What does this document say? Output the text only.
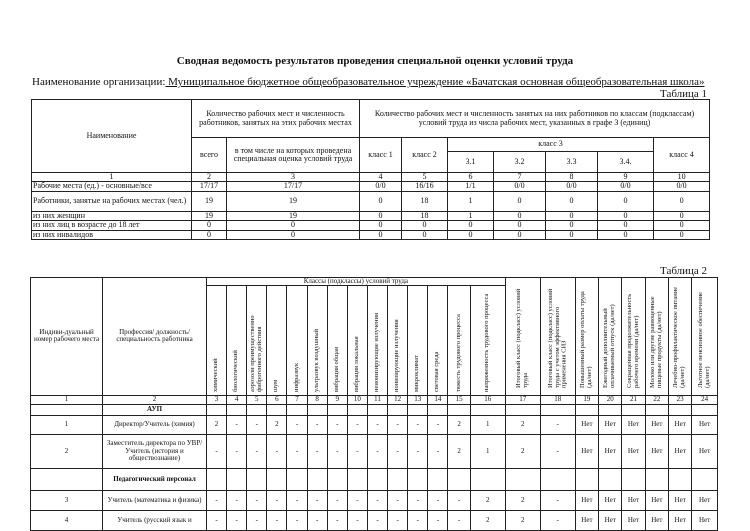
Сводная ведомость результатов проведения специальной оценки условий труда
Наименование организации: Муниципальное бюджетное общеобразовательное учреждение «Бачатская основная общеобразовательная школа»
Таблица 1
Наименование	Количество рабочих мест и численность работников, занятых на этих рабочих местах		Количество рабочих мест и численность занятых на них работников по классам (подклассам) условий труда из числа рабочих мест, указанных в графе 3 (единиц)						
	всего	в том числе на которых проведена специальная оценка условий труда	класс 1	класс 2	класс 3				класс 4
					3.1	3.2	3.3	3.4.	
1	2	3	4	5	6	7	8	9	10
Рабочие места (ед.) - основные/все	17/17	17/17	0/0	16/16	1/1	0/0	0/0	0/0	0/0
Работники, занятые на рабочих местах (чел.)	19	19	0	18	1	0	0	0	0
из них женщин	19	19	0	18	1	0	0	0	0
из них лиц в возрасте до 18 лет	0	0	0	0	0	0	0	0	0
из них инвалидов	0	0	0	0	0	0	0	0	0
Таблица 2
Индиви-дуальный номер рабочего места	Профессия/ должность/ специальность работника	Классы (подклассы) условий труда														Итоговый класс (подкласс) условий труда	Итоговый класс (подкласс) условий труда с учетом эффективного применения СИЗ	Повышенный размер оплаты труда (да/нет)	Ежегодный дополнительный оплачиваемый отпуск (да/нет)	Сокращенная продолжительность рабочего времени (да/нет)	Молоко или другие равноценные пищевые продукты (да/нет)	Лечебно-профилактическое питание (да/нет)	Льготное пенсионное обеспечение (да/нет)
		химический	биологический	аэрозоли преимущественно фиброгенного действия	шум	инфразвук	ультразвук воздушный	вибрация общая	вибрация локальная	неионизирующие излучения	ионизирующие излучения	микроклимат	световая среда	тяжесть трудового процесса	напряженность трудового процесса								
1	2	3	4	5	6	7	8	9	10	11	12	13	14	15	16	17	18	19	20	21	22	23	24
	АУП																						
1	Директор/Учитель (химия)	2	-	-	2	-	-	-	-	-	-	-	-	2	1	2	-	Нет	Нет	Нет	Нет	Нет	Нет
2	Заместитель директора по УВР/Учитель (история и обществознание)	-	-	-	-	-	-	-	-	-	-	-	-	2	1	2	-	Нет	Нет	Нет	Нет	Нет	Нет
	Педагогический персонал																						
3	Учитель (математика и физика)	-	-	-	-	-	-	-	-	-	-	-	-	-	2	2	-	Нет	Нет	Нет	Нет	Нет	Нет
4	Учитель (русский язык и	-	-	-	-	-	-	-	-	-	-	-	-	-	2	2	-	Нет	Нет	Нет	Нет	Нет	Нет
